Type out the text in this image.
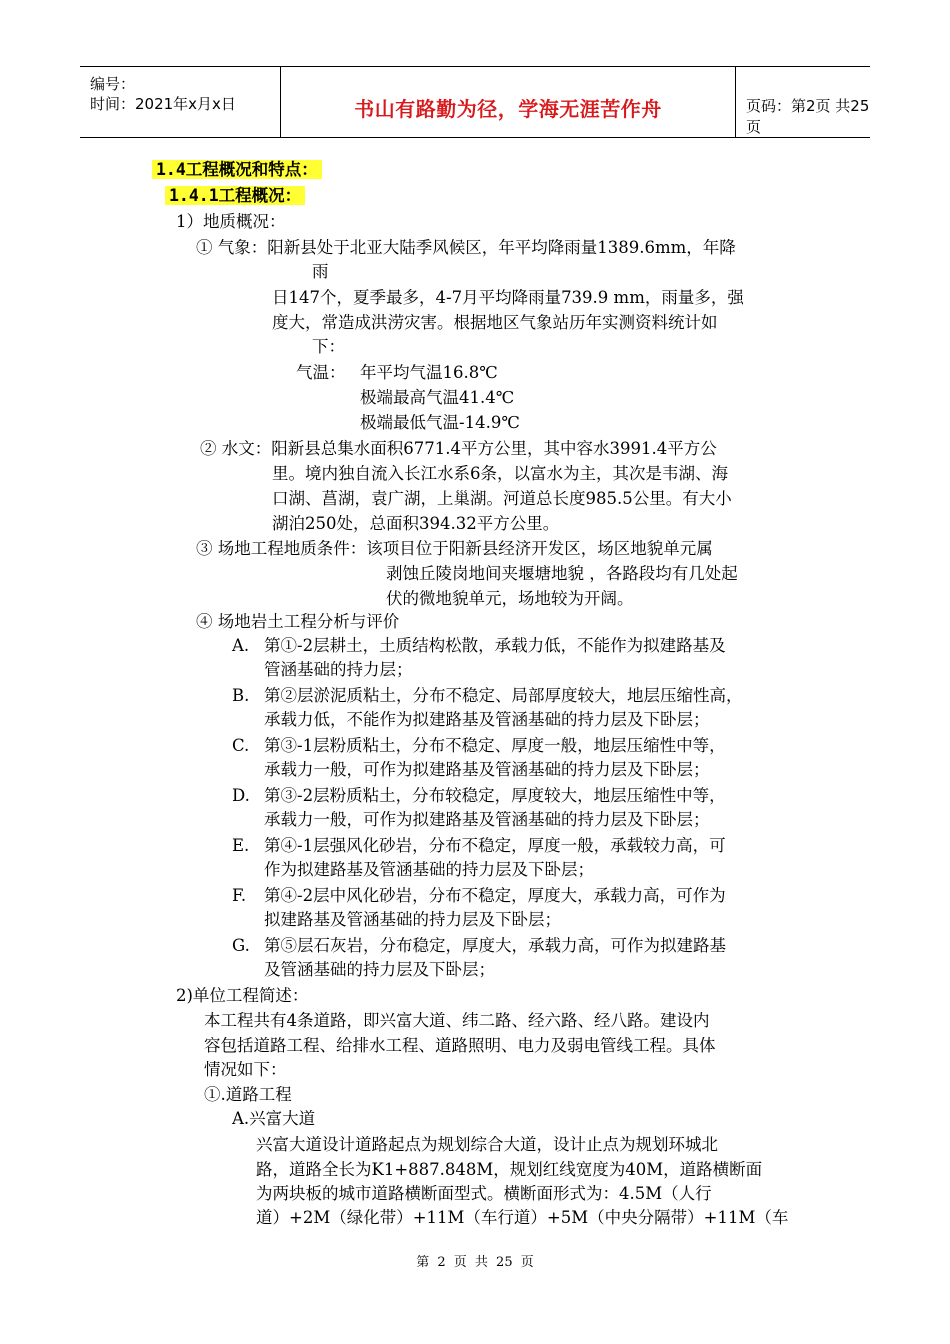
编号：
时间：2021年x月x日	书山有路勤为径，学海无涯苦作舟	页码：第2页 共25页
1.4工程概况和特点：
1.4.1工程概况：
1）地质概况：
① 气象：阳新县处于北亚大陆季风候区，年平均降雨量1389.6mm，年降
雨
日147个，夏季最多，4-7月平均降雨量739.9 mm，雨量多，强
度大，常造成洪涝灾害。根据地区气象站历年实测资料统计如
下：
气温： 年平均气温16.8℃
极端最高气温41.4℃
极端最低气温-14.9℃
② 水文：阳新县总集水面积6771.4平方公里，其中容水3991.4平方公
里。境内独自流入长江水系6条，以富水为主，其次是韦湖、海
口湖、菖湖，袁广湖，上巢湖。河道总长度985.5公里。有大小
湖泊250处，总面积394.32平方公里。
③ 场地工程地质条件：该项目位于阳新县经济开发区，场区地貌单元属
剥蚀丘陵岗地间夹堰塘地貌 ，各路段均有几处起
伏的微地貌单元，场地较为开阔。
④ 场地岩土工程分析与评价
A. 第①-2层耕土，土质结构松散，承载力低，不能作为拟建路基及
管涵基础的持力层；
B. 第②层淤泥质粘土，分布不稳定、局部厚度较大，地层压缩性高，
承载力低，不能作为拟建路基及管涵基础的持力层及下卧层；
C. 第③-1层粉质粘土，分布不稳定、厚度一般，地层压缩性中等，
承载力一般，可作为拟建路基及管涵基础的持力层及下卧层；
D. 第③-2层粉质粘土，分布较稳定，厚度较大，地层压缩性中等，
承载力一般，可作为拟建路基及管涵基础的持力层及下卧层；
E. 第④-1层强风化砂岩，分布不稳定，厚度一般，承载较力高，可
作为拟建路基及管涵基础的持力层及下卧层；
F. 第④-2层中风化砂岩，分布不稳定，厚度大，承载力高，可作为
拟建路基及管涵基础的持力层及下卧层；
G. 第⑤层石灰岩，分布稳定，厚度大，承载力高，可作为拟建路基
及管涵基础的持力层及下卧层；
2)单位工程简述：
本工程共有4条道路，即兴富大道、纬二路、经六路、经八路。建设内
容包括道路工程、给排水工程、道路照明、电力及弱电管线工程。具体
情况如下：
①.道路工程
A.兴富大道
兴富大道设计道路起点为规划综合大道，设计止点为规划环城北
路，道路全长为K1+887.848M，规划红线宽度为40M，道路横断面
为两块板的城市道路横断面型式。横断面形式为：4.5M（人行
道）+2M（绿化带）+11M（车行道）+5M（中央分隔带）+11M（车
第 2 页 共 25 页
